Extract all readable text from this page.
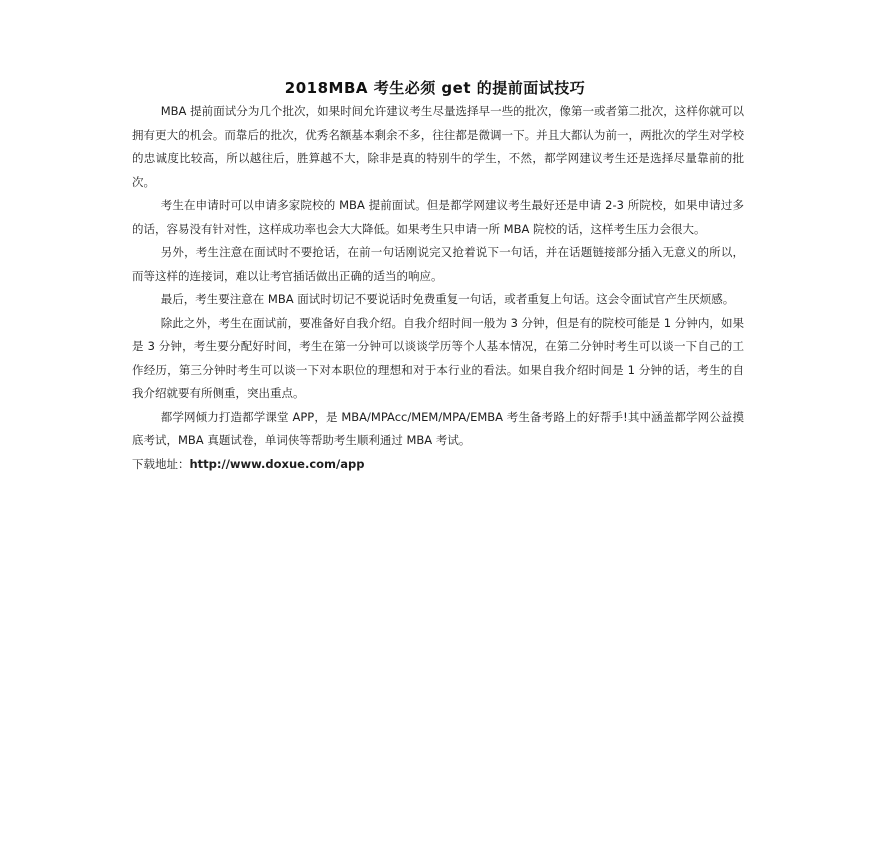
2018MBA 考生必须 get 的提前面试技巧

MBA 提前面试分为几个批次，如果时间允许建议考生尽量选择早一些的批次，像第一或者第二批次，这样你就可以拥有更大的机会。而靠后的批次，优秀名额基本剩余不多，往往都是微调一下。并且大都认为前一，两批次的学生对学校的忠诚度比较高，所以越往后，胜算越不大，除非是真的特别牛的学生，不然，都学网建议考生还是选择尽量靠前的批次。

考生在申请时可以申请多家院校的 MBA 提前面试。但是都学网建议考生最好还是申请 2-3 所院校，如果申请过多的话，容易没有针对性，这样成功率也会大大降低。如果考生只申请一所 MBA 院校的话，这样考生压力会很大。

另外，考生注意在面试时不要抢话，在前一句话刚说完又抢着说下一句话，并在话题链接部分插入无意义的所以，而等这样的连接词，难以让考官插话做出正确的适当的响应。

最后，考生要注意在 MBA 面试时切记不要说话时免费重复一句话，或者重复上句话。这会令面试官产生厌烦感。

除此之外，考生在面试前，要准备好自我介绍。自我介绍时间一般为 3 分钟，但是有的院校可能是 1 分钟内，如果是 3 分钟，考生要分配好时间，考生在第一分钟可以谈谈学历等个人基本情况，在第二分钟时考生可以谈一下自己的工作经历，第三分钟时考生可以谈一下对本职位的理想和对于本行业的看法。如果自我介绍时间是 1 分钟的话，考生的自我介绍就要有所侧重，突出重点。

都学网倾力打造都学课堂 APP，是 MBA/MPAcc/MEM/MPA/EMBA 考生备考路上的好帮手!其中涵盖都学网公益摸底考试，MBA 真题试卷，单词侠等帮助考生顺利通过 MBA 考试。
下载地址：http://www.doxue.com/app
